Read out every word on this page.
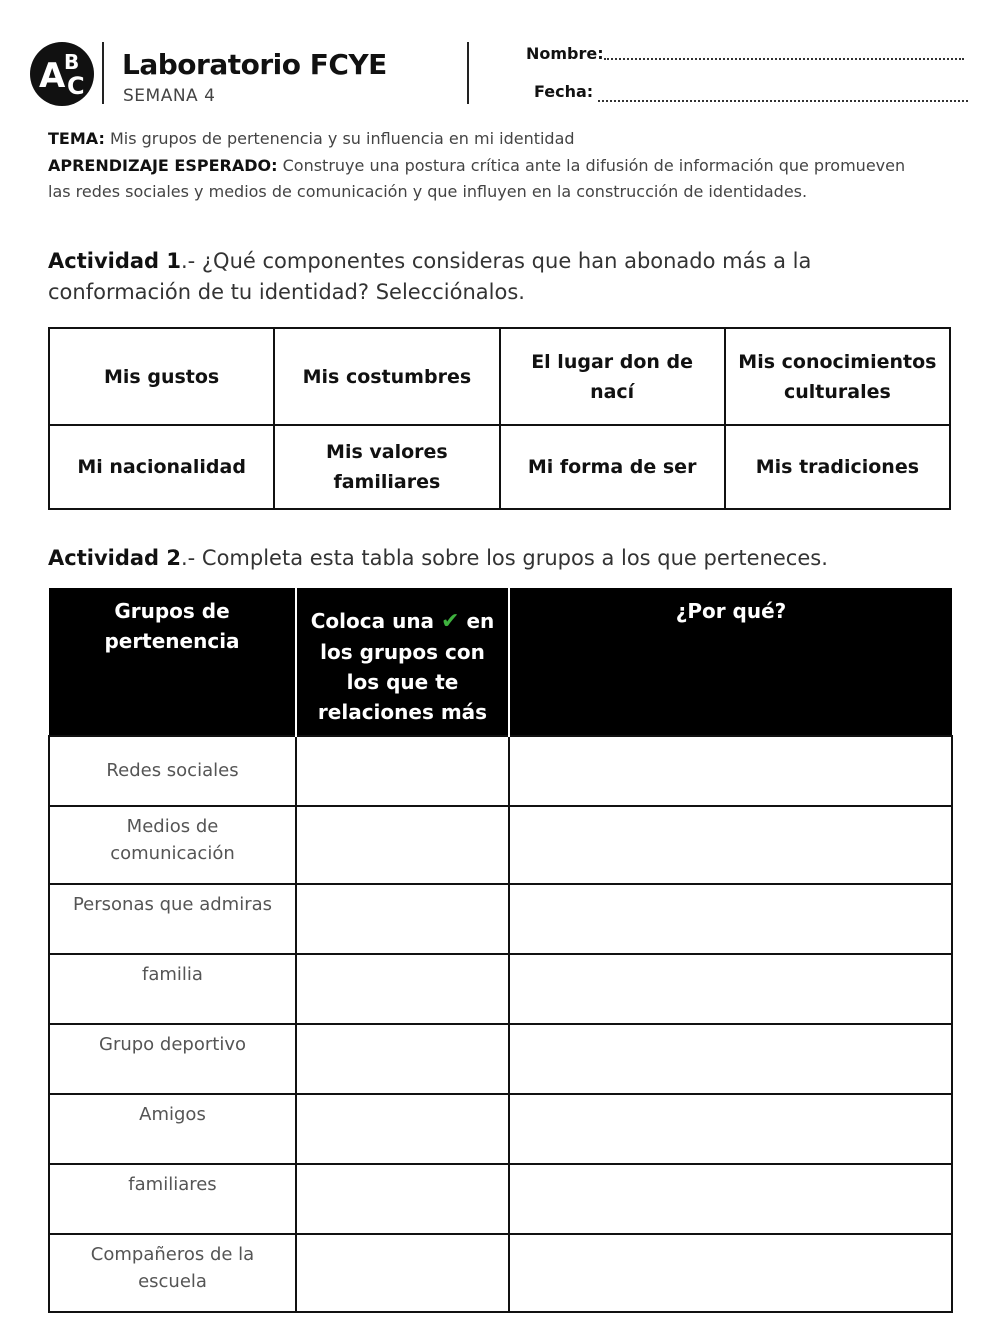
A
B
C
Laboratorio FCYE
SEMANA 4
Nombre:
Fecha:
TEMA: Mis grupos de pertenencia y su influencia en mi identidad
APRENDIZAJE ESPERADO: Construye una postura crítica ante la difusión de información que promueven las redes sociales y medios de comunicación y que influyen en la construcción de identidades.
Actividad 1.- ¿Qué componentes consideras que han abonado más a la conformación de tu identidad? Selecciónalos.
Mis gustos	Mis costumbres	El lugar don de nací	Mis conocimientos culturales
Mi nacionalidad	Mis valores familiares	Mi forma de ser	Mis tradiciones
Actividad 2.- Completa esta tabla sobre los grupos a los que perteneces.
Grupos de pertenencia	Coloca una ✔ en los grupos con los que te relaciones más	¿Por qué?
Redes sociales		
Medios de comunicación		
Personas que admiras		
familia		
Grupo deportivo		
Amigos		
familiares		
Compañeros de la escuela		
